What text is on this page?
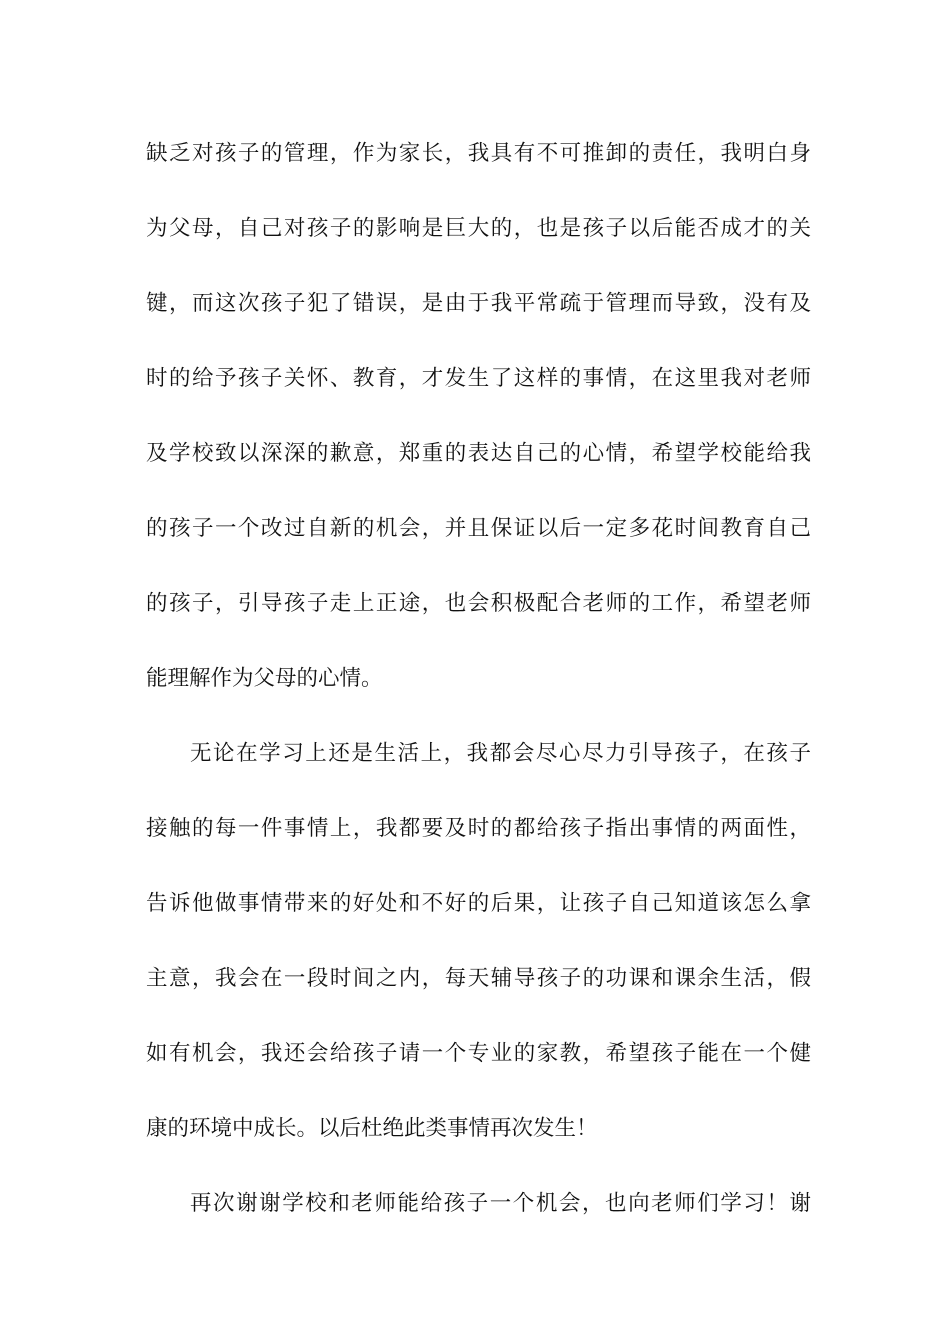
缺乏对孩子的管理，作为家长，我具有不可推卸的责任，我明白身
为父母，自己对孩子的影响是巨大的，也是孩子以后能否成才的关
键，而这次孩子犯了错误，是由于我平常疏于管理而导致，没有及
时的给予孩子关怀、教育，才发生了这样的事情，在这里我对老师
及学校致以深深的歉意，郑重的表达自己的心情，希望学校能给我
的孩子一个改过自新的机会，并且保证以后一定多花时间教育自己
的孩子，引导孩子走上正途，也会积极配合老师的工作，希望老师
能理解作为父母的心情。
无论在学习上还是生活上，我都会尽心尽力引导孩子，在孩子
接触的每一件事情上，我都要及时的都给孩子指出事情的两面性，
告诉他做事情带来的好处和不好的后果，让孩子自己知道该怎么拿
主意，我会在一段时间之内，每天辅导孩子的功课和课余生活，假
如有机会，我还会给孩子请一个专业的家教，希望孩子能在一个健
康的环境中成长。以后杜绝此类事情再次发生！
再次谢谢学校和老师能给孩子一个机会，也向老师们学习！谢
